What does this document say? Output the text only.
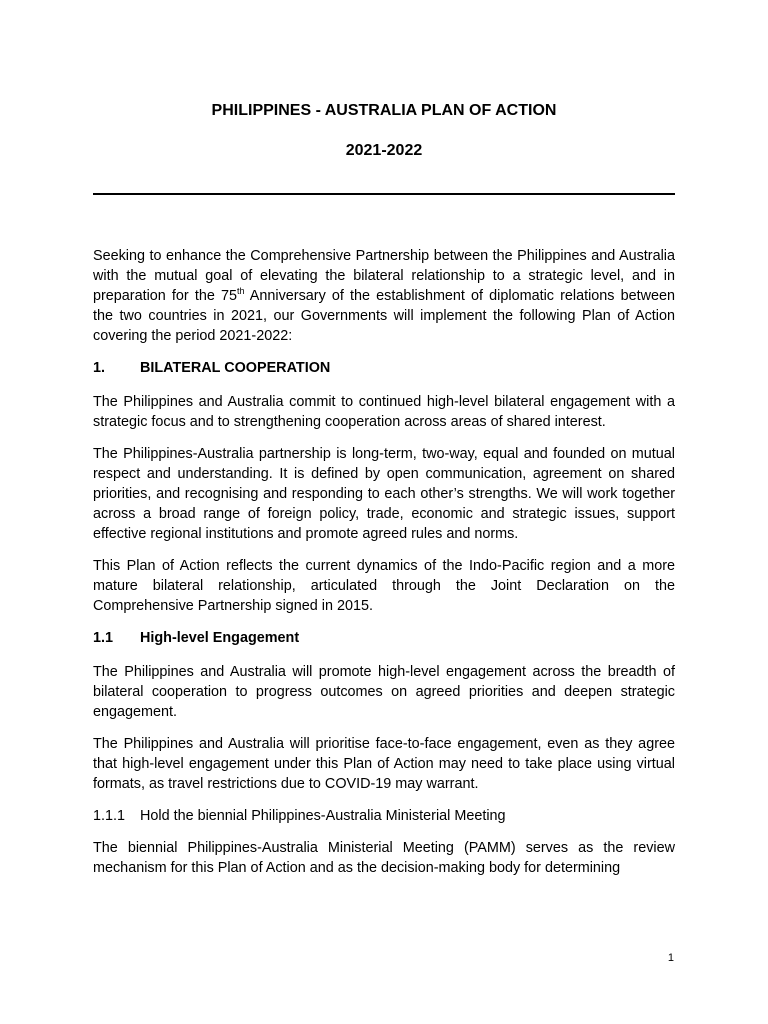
PHILIPPINES - AUSTRALIA PLAN OF ACTION
2021-2022

Seeking to enhance the Comprehensive Partnership between the Philippines and Australia with the mutual goal of elevating the bilateral relationship to a strategic level, and in preparation for the 75th Anniversary of the establishment of diplomatic relations between the two countries in 2021, our Governments will implement the following Plan of Action covering the period 2021-2022:

1.	BILATERAL COOPERATION

The Philippines and Australia commit to continued high-level bilateral engagement with a strategic focus and to strengthening cooperation across areas of shared interest.

The Philippines-Australia partnership is long-term, two-way, equal and founded on mutual respect and understanding. It is defined by open communication, agreement on shared priorities, and recognising and responding to each other’s strengths. We will work together across a broad range of foreign policy, trade, economic and strategic issues, support effective regional institutions and promote agreed rules and norms.

This Plan of Action reflects the current dynamics of the Indo-Pacific region and a more mature bilateral relationship, articulated through the Joint Declaration on the Comprehensive Partnership signed in 2015.

1.1	High-level Engagement

The Philippines and Australia will promote high-level engagement across the breadth of bilateral cooperation to progress outcomes on agreed priorities and deepen strategic engagement.

The Philippines and Australia will prioritise face-to-face engagement, even as they agree that high-level engagement under this Plan of Action may need to take place using virtual formats, as travel restrictions due to COVID-19 may warrant.

1.1.1	Hold the biennial Philippines-Australia Ministerial Meeting

The biennial Philippines-Australia Ministerial Meeting (PAMM) serves as the review mechanism for this Plan of Action and as the decision-making body for determining

1
